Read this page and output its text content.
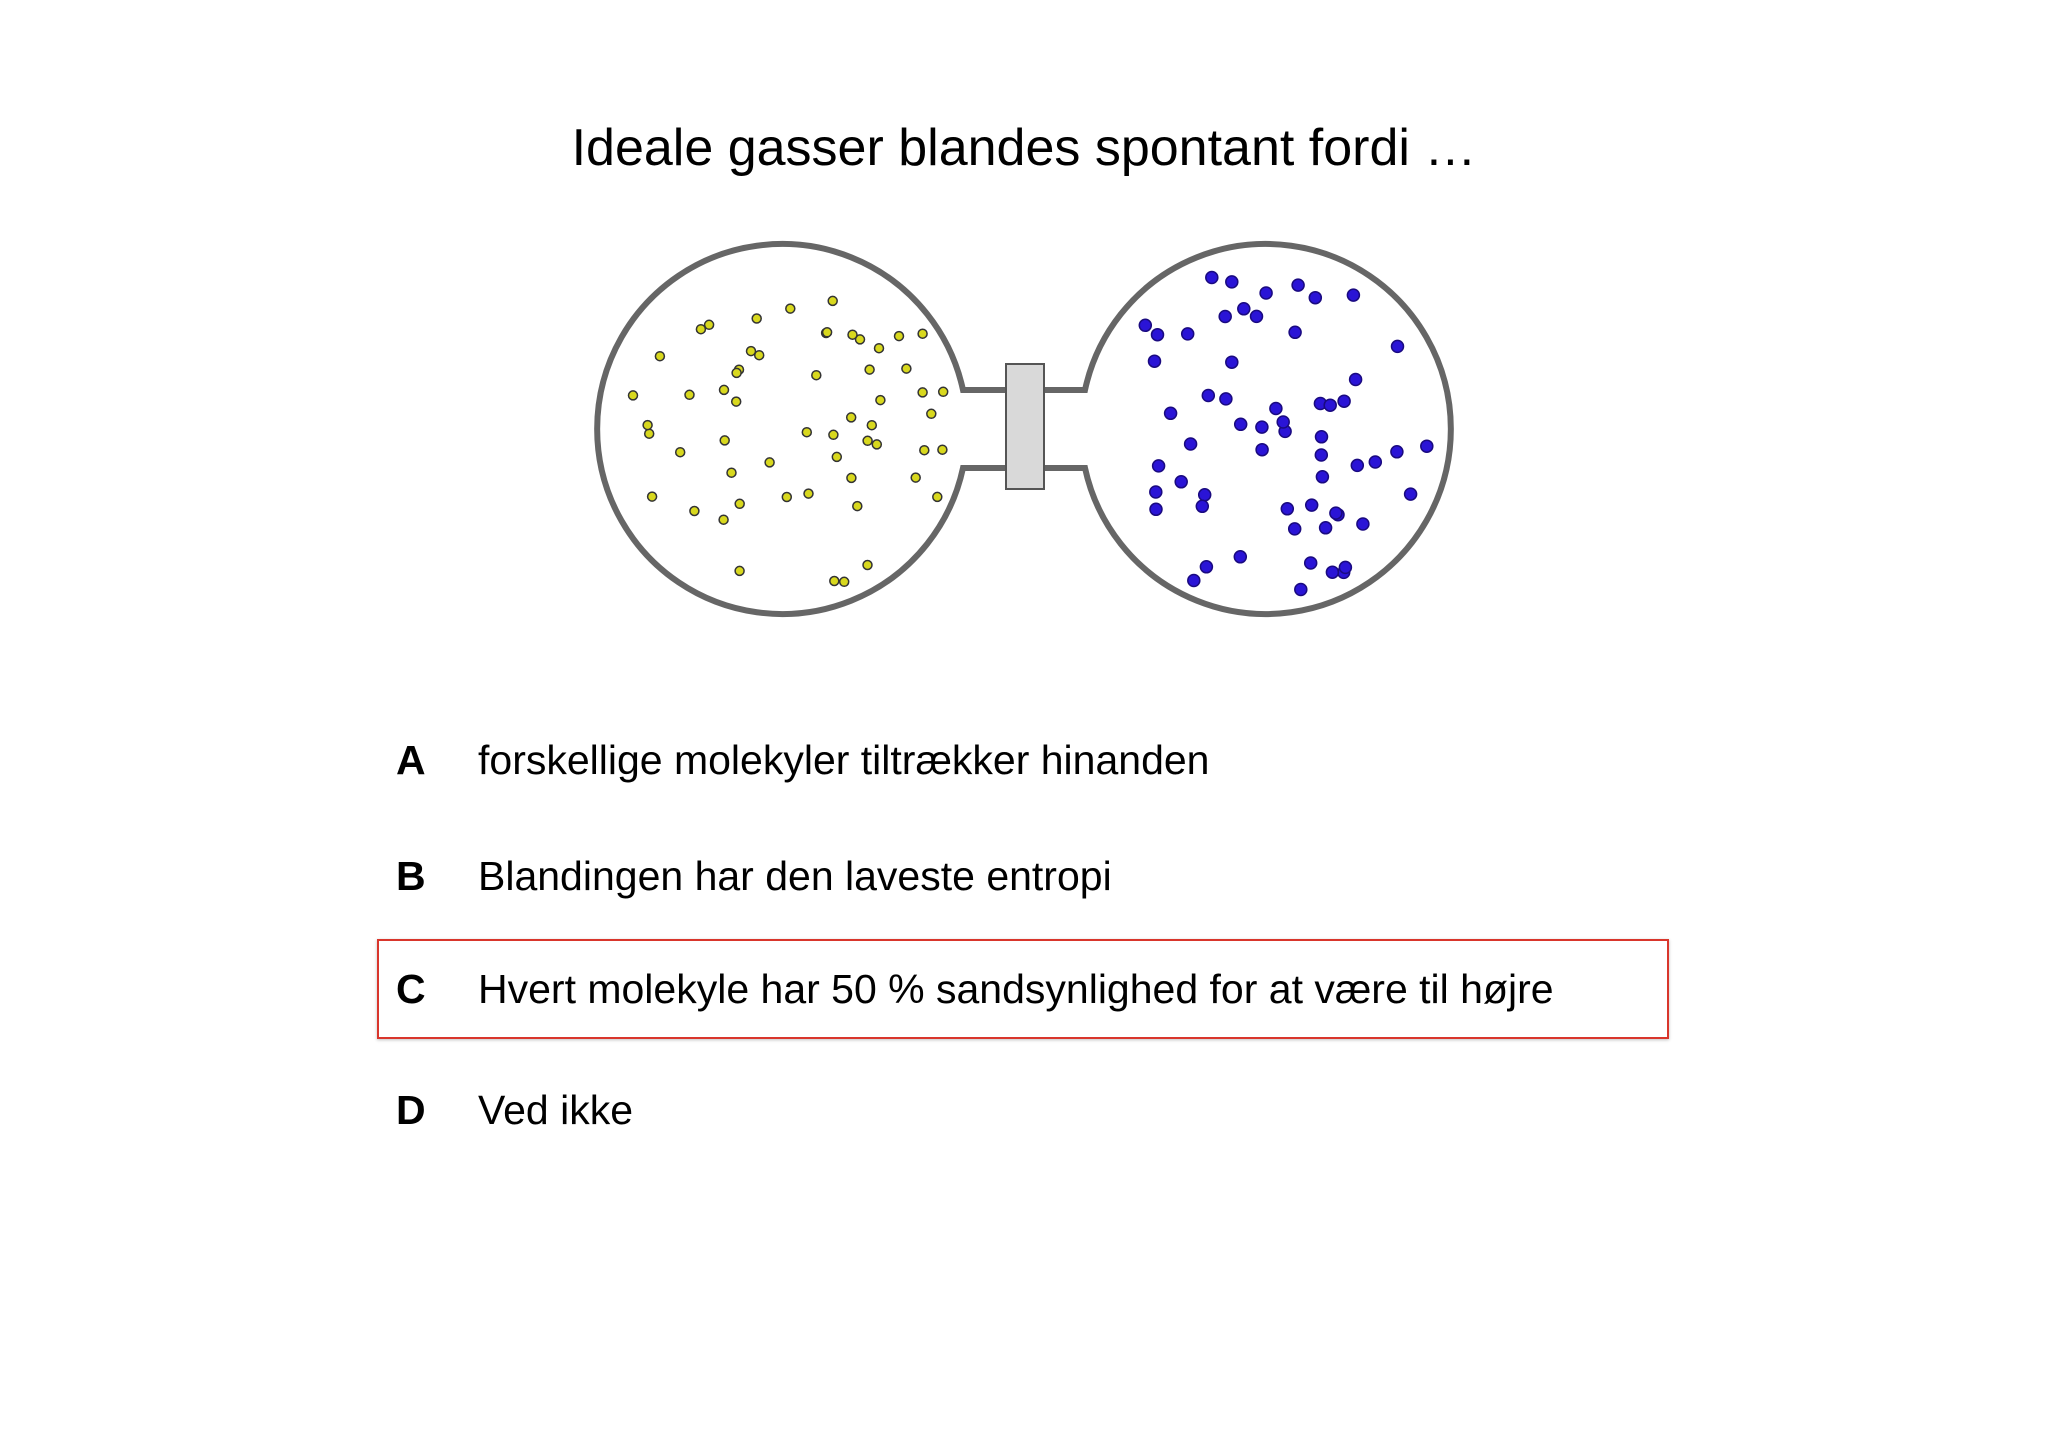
Ideale gasser blandes spontant fordi …
A	forskellige molekyler tiltrækker hinanden
B	Blandingen har den laveste entropi
C	Hvert molekyle har 50 % sandsynlighed for at være til højre
D	Ved ikke
